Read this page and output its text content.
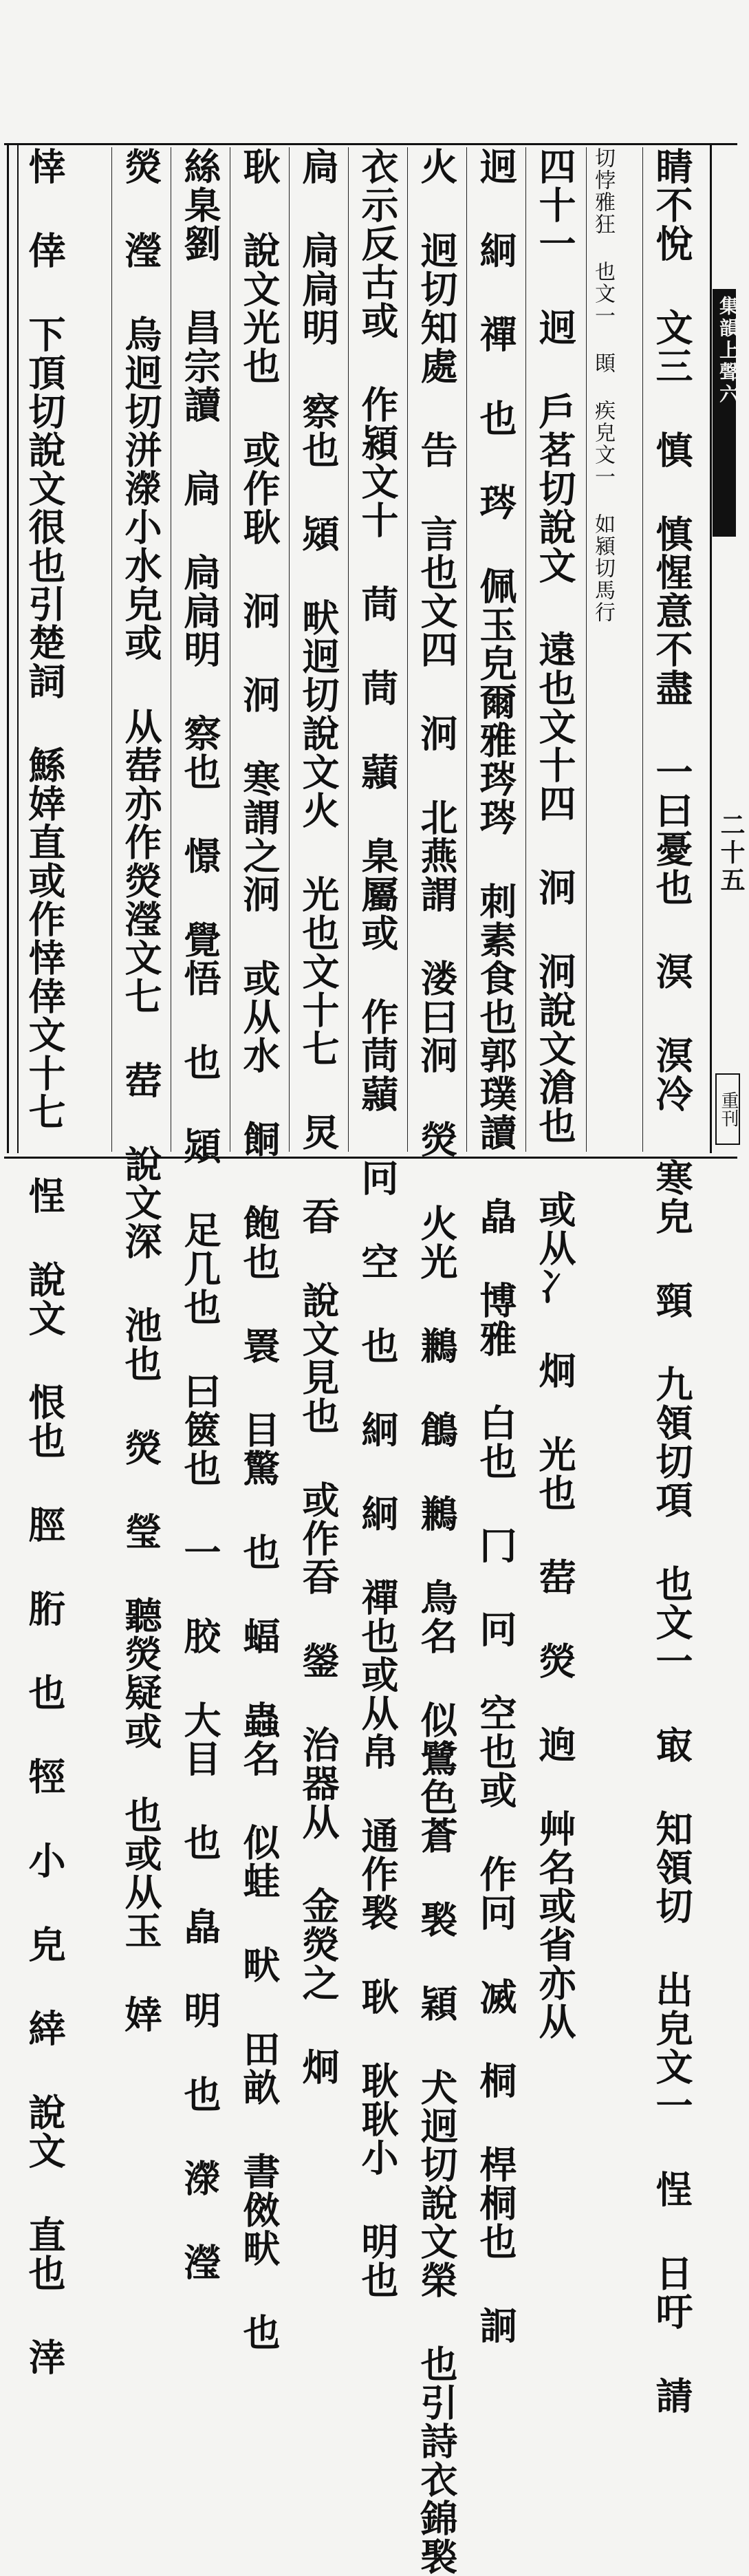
睛不悅 文三 慎 慎惺意不盡 一曰憂也 溟 溟冷 寒皃 頸 九領切項 也文一 㝡 知領切 出皃文一 悜 日吁 請
切悖雅狂 也文一 䫀 疾皃文一 如潁切馬行
四十一 迥 戶茗切說文 遠也文十四 泂 泂說文滄也 或从冫 炯 光也 䓨 熒 逈 艸名或省亦从
迥 絅 禪 也 琌 佩玉皃爾雅琌琌 刺素食也郭璞讀 皛 博雅 白也 冂 冋 空也或 作冋 㓕 桐 桿桐也 詗
火 迥切知處 告 言也文四 泂 北燕謂 溇曰泂 熒 火光 鶼 鶬 鶼 鳥名 似鷺色蒼 褧 穎 犬迥切說文榮 也引詩衣錦褧
衣示反古或 作潁文十 茼 茼 蘏 臬屬或 作茼蘏 冋 空 也 絅 絅 禪也或从帛 通作褧 耿 耿耿小 明也
扃 扃扃明 察也 熲 畎迥切說文火 光也文十七 炅 昋 說文見也 或作昋 鎣 治器从 金熒之 炯
耿 說文光也 或作耿 泂 泂 寒謂之泂 或从水 餇 飽也 瞏 目驚 也 蝠 蟲名 似蛙 畎 田畝 書傚畎 也
絲臬劉 昌宗讀 扃 扃扃明 察也 憬 覺悟 也 熲 足几也 曰篋也 一 㬵 大目 也 皛 明 也 濴 瀅
熒 瀅 烏迥切洴濴小水皃或 从䓨亦作熒瀅文七 䓨 說文深 池也 熒 瑩 聽熒疑或 也或从玉 婞
悻 倖 下頂切說文很也引楚詞 鯀婞直或作悻倖文十七 悜 說文 恨也 脛 胻 也 牼 小 皃 緈 說文 直也 涬	集韻上聲六
二十五
重刊
